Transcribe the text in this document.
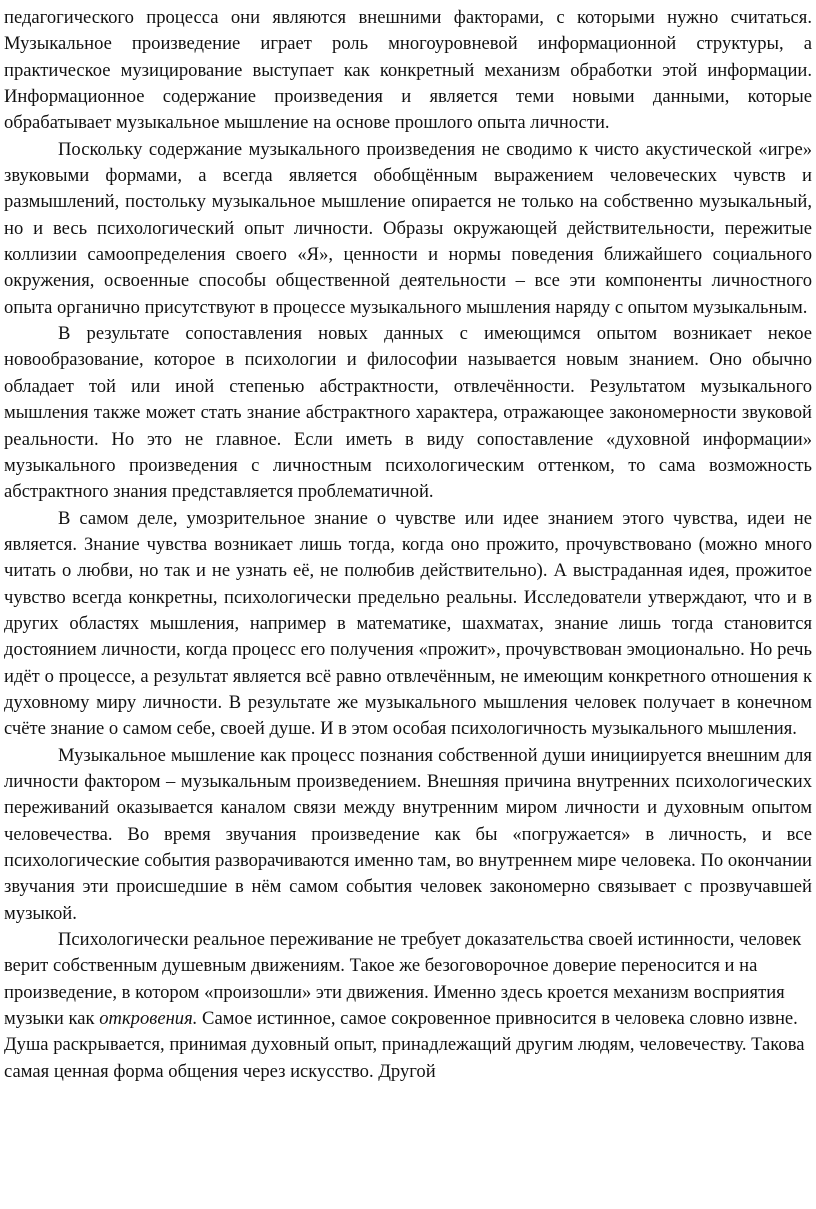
педагогического процесса они являются внешними факторами, с которыми нужно считаться. Музыкальное произведение играет роль многоуровневой информационной структуры, а практическое музицирование выступает как конкретный механизм обработки этой информации. Информационное содержание произведения и является теми новыми данными, которые обрабатывает музыкальное мышление на основе прошлого опыта личности.

Поскольку содержание музыкального произведения не сводимо к чисто акустической «игре» звуковыми формами, а всегда является обобщённым выражением человеческих чувств и размышлений, постольку музыкальное мышление опирается не только на собственно музыкальный, но и весь психологический опыт личности. Образы окружающей действительности, пережитые коллизии самоопределения своего «Я», ценности и нормы поведения ближайшего социального окружения, освоенные способы общественной деятельности – все эти компоненты личностного опыта органично присутствуют в процессе музыкального мышления наряду с опытом музыкальным.

В результате сопоставления новых данных с имеющимся опытом возникает некое новообразование, которое в психологии и философии называется новым знанием. Оно обычно обладает той или иной степенью абстрактности, отвлечённости. Результатом музыкального мышления также может стать знание абстрактного характера, отражающее закономерности звуковой реальности. Но это не главное. Если иметь в виду сопоставление «духовной информации» музыкального произведения с личностным психологическим оттенком, то сама возможность абстрактного знания представляется проблематичной.

В самом деле, умозрительное знание о чувстве или идее знанием этого чувства, идеи не является. Знание чувства возникает лишь тогда, когда оно прожито, прочувствовано (можно много читать о любви, но так и не узнать её, не полюбив действительно). А выстраданная идея, прожитое чувство всегда конкретны, психологически предельно реальны. Исследователи утверждают, что и в других областях мышления, например в математике, шахматах, знание лишь тогда становится достоянием личности, когда процесс его получения «прожит», прочувствован эмоционально. Но речь идёт о процессе, а результат является всё равно отвлечённым, не имеющим конкретного отношения к духовному миру личности. В результате же музыкального мышления человек получает в конечном счёте знание о самом себе, своей душе. И в этом особая психологичность музыкального мышления.

Музыкальное мышление как процесс познания собственной души инициируется внешним для личности фактором – музыкальным произведением. Внешняя причина внутренних психологических переживаний оказывается каналом связи между внутренним миром личности и духовным опытом человечества. Во время звучания произведение как бы «погружается» в личность, и все психологические события разворачиваются именно там, во внутреннем мире человека. По окончании звучания эти происшедшие в нём самом события человек закономерно связывает с прозвучавшей музыкой.

Психологически реальное переживание не требует доказательства своей истинности, человек верит собственным душевным движениям. Такое же безоговорочное доверие переносится и на произведение, в котором «произошли» эти движения. Именно здесь кроется механизм восприятия музыки как откровения. Самое истинное, самое сокровенное привносится в человека словно извне. Душа раскрывается, принимая духовный опыт, принадлежащий другим людям, человечеству. Такова самая ценная форма общения через искусство. Другой
